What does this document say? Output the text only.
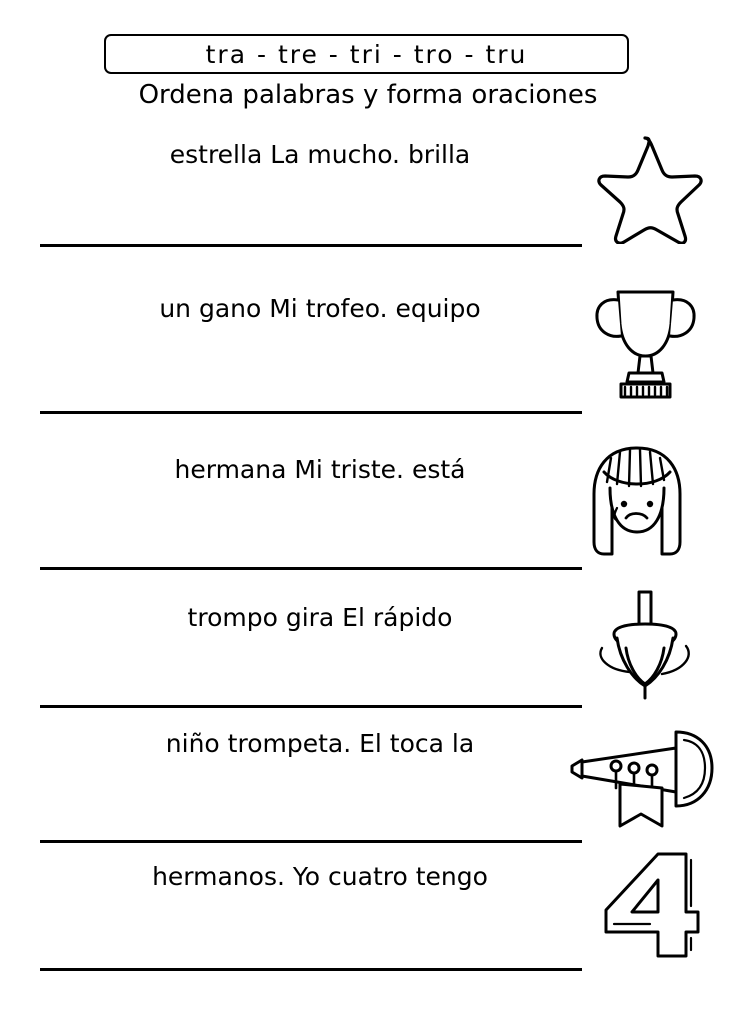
tra - tre - tri - tro - tru
Ordena palabras y forma oraciones
estrella La mucho. brilla
un gano Mi trofeo. equipo
hermana Mi triste. está
trompo gira El rápido
niño trompeta. El toca la
hermanos. Yo cuatro tengo
